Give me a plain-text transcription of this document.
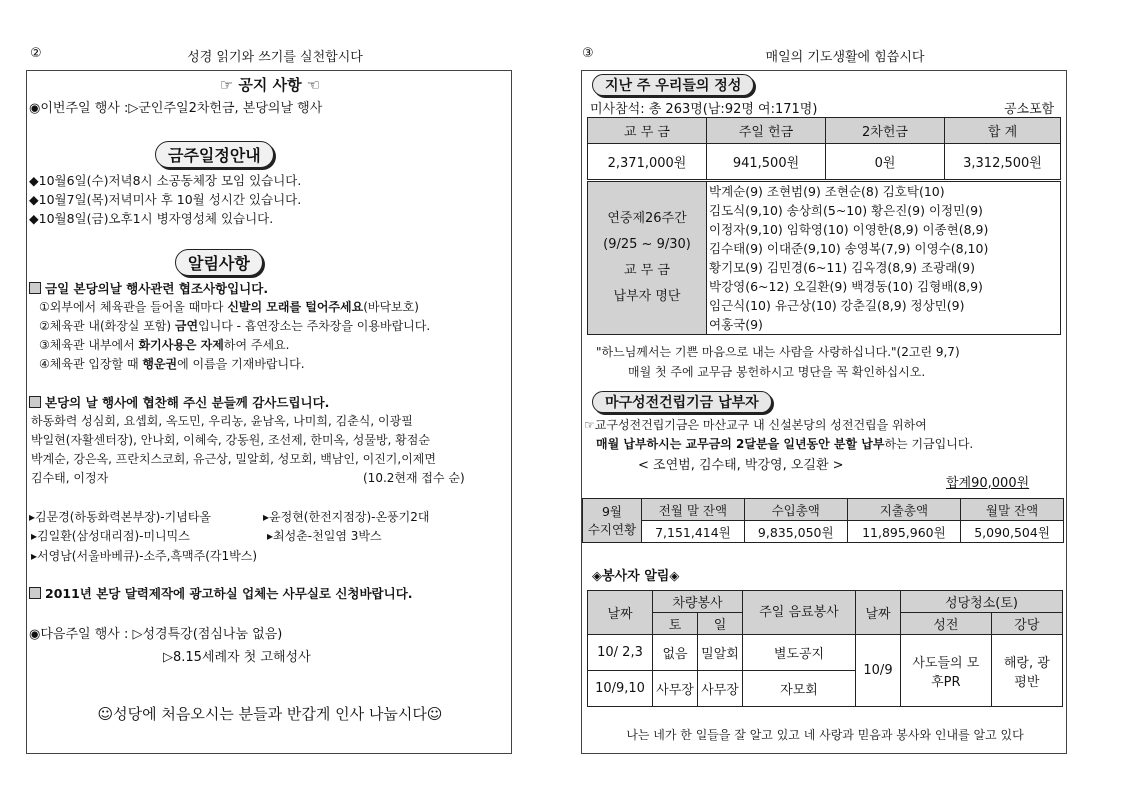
②	성경 읽기와 쓰기를 실천합시다	③	매일의 기도생활에 힘씁시다
☞ 공지 사항 ☜
◉이번주일 행사 :▷군인주일2차헌금, 본당의날 행사
금주일정안내
◆10월6일(수)저녁8시 소공동체장 모임 있습니다.
◆10월7일(목)저녁미사 후 10월 성시간 있습니다.
◆10월8일(금)오후1시 병자영성체 있습니다.
알림사항
금일 본당의날 행사관련 협조사항입니다.
①외부에서 체육관을 들어올 때마다 신발의 모래를 털어주세요(바닥보호)
②체육관 내(화장실 포함) 금연입니다 - 흡연장소는 주차장을 이용바랍니다.
③체육관 내부에서 화기사용은 자제하여 주세요.
④체육관 입장할 때 행운권에 이름을 기재바랍니다.
본당의 날 행사에 협찬해 주신 분들께 감사드립니다.
하동화력 성심회, 요셉회, 옥도민, 우리농, 윤남옥, 나미희, 김춘식, 이광필
박일현(자활센터장), 안나회, 이혜숙, 강동원, 조선제, 한미옥, 성물방, 황점순
박계순, 강은옥, 프란치스코회, 유근상, 밀알회, 성모회, 백남인, 이진기,이제면
김수태, 이정자	(10.2현재 접수 순)
▸김문경(하동화력본부장)-기념타올	▸윤정현(한전지점장)-온풍기2대
▸김일환(삼성대리점)-미니믹스	▸최성춘-천일염 3박스
▸서영남(서울바베큐)-소주,흑맥주(각1박스)
2011년 본당 달력제작에 광고하실 업체는 사무실로 신청바랍니다.
◉다음주일 행사 : ▷성경특강(점심나눔 없음)
▷8.15세례자 첫 고해성사
☺성당에 처음오시는 분들과 반갑게 인사 나눕시다☺
지난 주 우리들의 정성
미사참석: 총 263명(남:92명 여:171명)	공소포함
교 무 금	주일 헌금	2차헌금	합 계
2,371,000원	941,500원	0원	3,312,500원
연중제26주간
(9/25 ~ 9/30)
교 무 금
납부자 명단

박계순(9) 조현범(9) 조현순(8) 김호탁(10)
김도식(9,10) 송상희(5~10) 황은진(9) 이정민(9)
이정자(9,10) 임학영(10) 이영한(8,9) 이종현(8,9)
김수태(9) 이대준(9,10) 송영복(7,9) 이영수(8,10)
황기모(9) 김민경(6~11) 김옥경(8,9) 조광래(9)
박강영(6~12) 오길환(9) 백경동(10) 김형배(8,9)
임근식(10) 유근상(10) 강춘길(8,9) 정상민(9)
여홍국(9)
"하느님께서는 기쁜 마음으로 내는 사람을 사랑하십니다."(2고린 9,7)
매월 첫 주에 교무금 봉헌하시고 명단을 꼭 확인하십시오.
마구성전건립기금 납부자
☞교구성전건립기금은 마산교구 내 신설본당의 성전건립을 위하여
매월 납부하시는 교무금의 2달분을 일년동안 분할 납부하는 기금입니다.
< 조연범, 김수태, 박강영, 오길환 >
합계90,000원
9월
수지연황	전월 말 잔액	수입총액	지출총액	월말 잔액
	7,151,414원	9,835,050원	11,895,960원	5,090,504원
◈봉사자 알림◈
날짜	차량봉사		주일 음료봉사	날짜	성당청소(토)	
	토	일			성전	강당
10/ 2,3	없음	밀알회	별도공지	10/9	사도들의 모후PR	해랑, 광평반
10/9,10	사무장	사무장	자모회			
나는 네가 한 일들을 잘 알고 있고 네 사랑과 믿음과 봉사와 인내를 알고 있다
